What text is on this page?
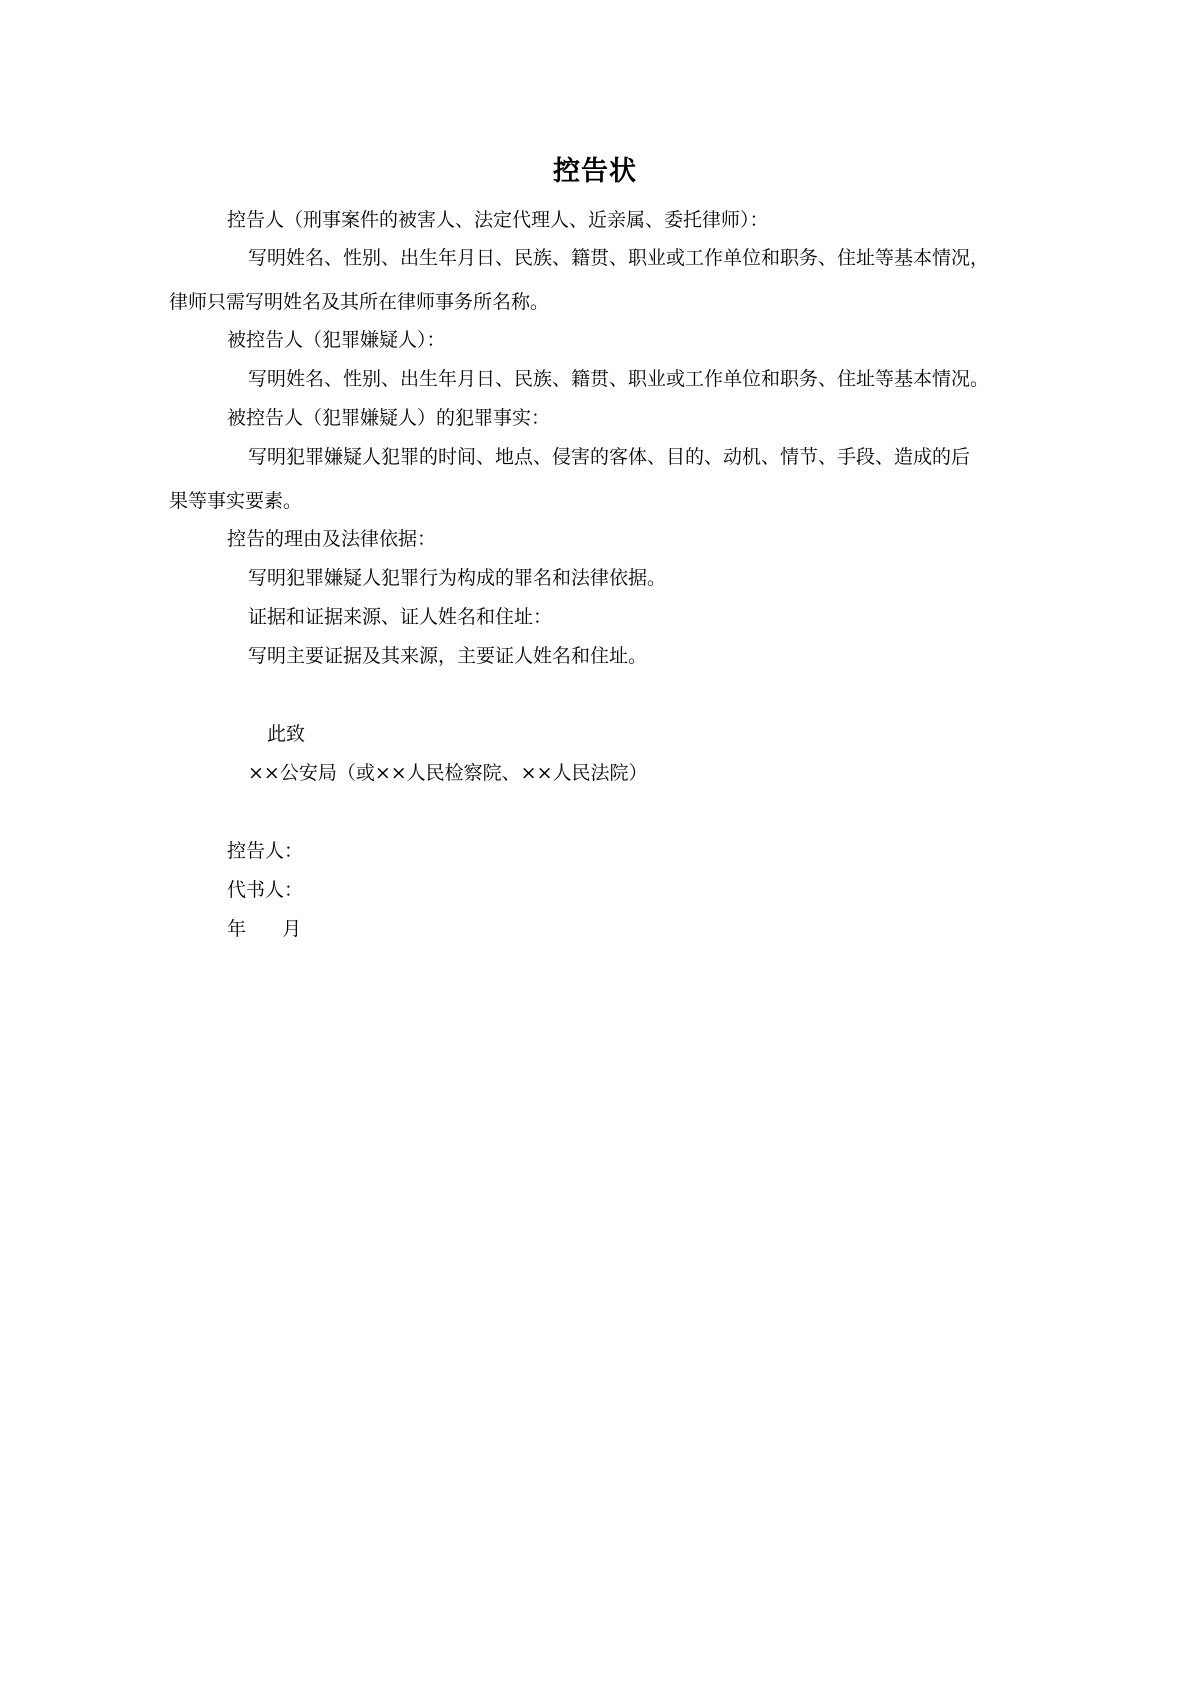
控告状
控告人（刑事案件的被害人、法定代理人、近亲属、委托律师）：
写明姓名、性别、出生年月日、民族、籍贯、职业或工作单位和职务、住址等基本情况，
律师只需写明姓名及其所在律师事务所名称。
被控告人（犯罪嫌疑人）：
写明姓名、性别、出生年月日、民族、籍贯、职业或工作单位和职务、住址等基本情况。
被控告人（犯罪嫌疑人）的犯罪事实：
写明犯罪嫌疑人犯罪的时间、地点、侵害的客体、目的、动机、情节、手段、造成的后
果等事实要素。
控告的理由及法律依据：
写明犯罪嫌疑人犯罪行为构成的罪名和法律依据。
证据和证据来源、证人姓名和住址：
写明主要证据及其来源，主要证人姓名和住址。
此致
××公安局（或××人民检察院、××人民法院）
控告人：
代书人：
年      月
